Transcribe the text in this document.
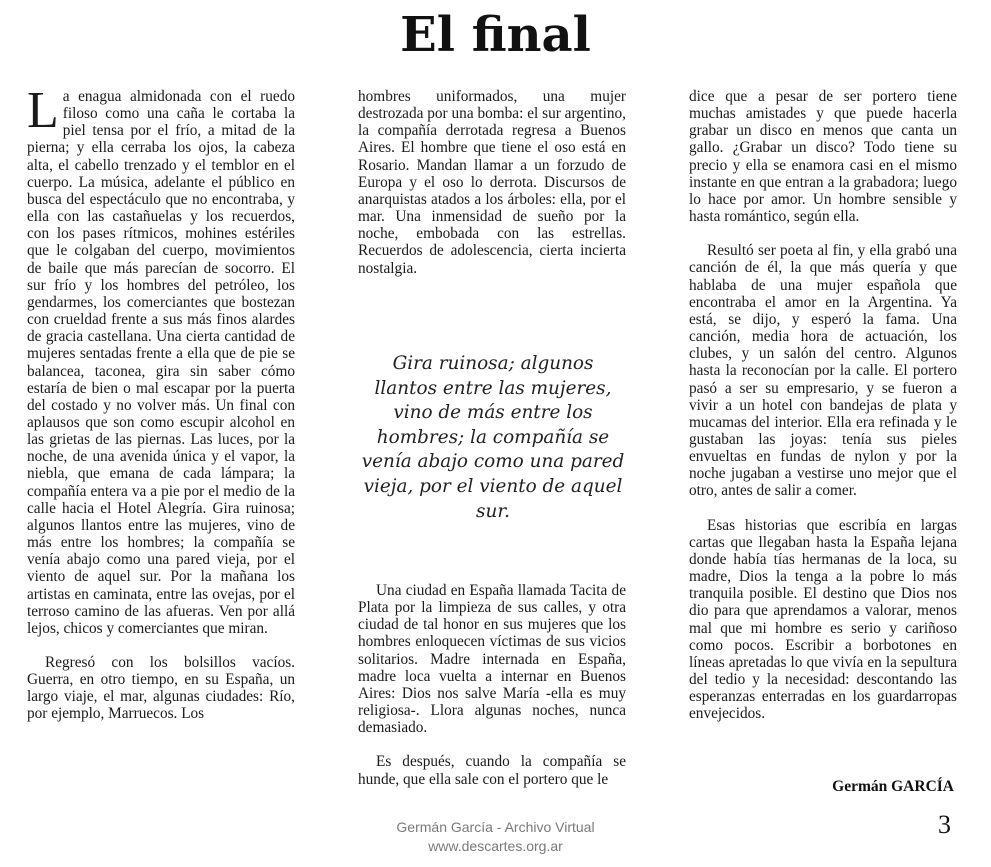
El final

La enagua almidonada con el ruedo filoso como una caña le cortaba la piel tensa por el frío, a mitad de la pierna; y ella cerraba los ojos, la cabeza alta, el cabello trenzado y el temblor en el cuerpo. La música, adelante el público en busca del espectáculo que no encontraba, y ella con las castañuelas y los recuerdos, con los pases rítmicos, mohines estériles que le colgaban del cuerpo, movimientos de baile que más parecían de socorro. El sur frío y los hombres del petróleo, los gendarmes, los comerciantes que bostezan con crueldad frente a sus más finos alardes de gracia castellana. Una cierta cantidad de mujeres sentadas frente a ella que de pie se balancea, taconea, gira sin saber cómo estaría de bien o mal escapar por la puerta del costado y no volver más. Un final con aplausos que son como escupir alcohol en las grietas de las piernas. Las luces, por la noche, de una avenida única y el vapor, la niebla, que emana de cada lámpara; la compañía entera va a pie por el medio de la calle hacia el Hotel Alegría. Gira ruinosa; algunos llantos entre las mujeres, vino de más entre los hombres; la compañía se venía abajo como una pared vieja, por el viento de aquel sur. Por la mañana los artistas en caminata, entre las ovejas, por el terroso camino de las afueras. Ven por allá lejos, chicos y comerciantes que miran.

Regresó con los bolsillos vacíos. Guerra, en otro tiempo, en su España, un largo viaje, el mar, algunas ciudades: Río, por ejemplo, Marruecos. Los

hombres uniformados, una mujer destrozada por una bomba: el sur argentino, la compañía derrotada regresa a Buenos Aires. El hombre que tiene el oso está en Rosario. Mandan llamar a un forzudo de Europa y el oso lo derrota. Discursos de anarquistas atados a los árboles: ella, por el mar. Una inmensidad de sueño por la noche, embobada con las estrellas. Recuerdos de adolescencia, cierta incierta nostalgia.

Gira ruinosa; algunos llantos entre las mujeres, vino de más entre los hombres; la compañía se venía abajo como una pared vieja, por el viento de aquel sur.

Una ciudad en España llamada Tacita de Plata por la limpieza de sus calles, y otra ciudad de tal honor en sus mujeres que los hombres enloquecen víctimas de sus vicios solitarios. Madre internada en España, madre loca vuelta a internar en Buenos Aires: Dios nos salve María -ella es muy religiosa-. Llora algunas noches, nunca demasiado.

Es después, cuando la compañía se hunde, que ella sale con el portero que le

dice que a pesar de ser portero tiene muchas amistades y que puede hacerla grabar un disco en menos que canta un gallo. ¿Grabar un disco? Todo tiene su precio y ella se enamora casi en el mismo instante en que entran a la grabadora; luego lo hace por amor. Un hombre sensible y hasta romántico, según ella.

Resultó ser poeta al fin, y ella grabó una canción de él, la que más quería y que hablaba de una mujer española que encontraba el amor en la Argentina. Ya está, se dijo, y esperó la fama. Una canción, media hora de actuación, los clubes, y un salón del centro. Algunos hasta la reconocían por la calle. El portero pasó a ser su empresario, y se fueron a vivir a un hotel con bandejas de plata y mucamas del interior. Ella era refinada y le gustaban las joyas: tenía sus pieles envueltas en fundas de nylon y por la noche jugaban a vestirse uno mejor que el otro, antes de salir a comer.

Esas historias que escribía en largas cartas que llegaban hasta la España lejana donde había tías hermanas de la loca, su madre, Dios la tenga a la pobre lo más tranquila posible. El destino que Dios nos dio para que aprendamos a valorar, menos mal que mi hombre es serio y cariñoso como pocos. Escribir a borbotones en líneas apretadas lo que vivía en la sepultura del tedio y la necesidad: descontando las esperanzas enterradas en los guardarropas envejecidos.

Germán GARCÍA
Germán García - Archivo Virtual
www.descartes.org.ar
3
